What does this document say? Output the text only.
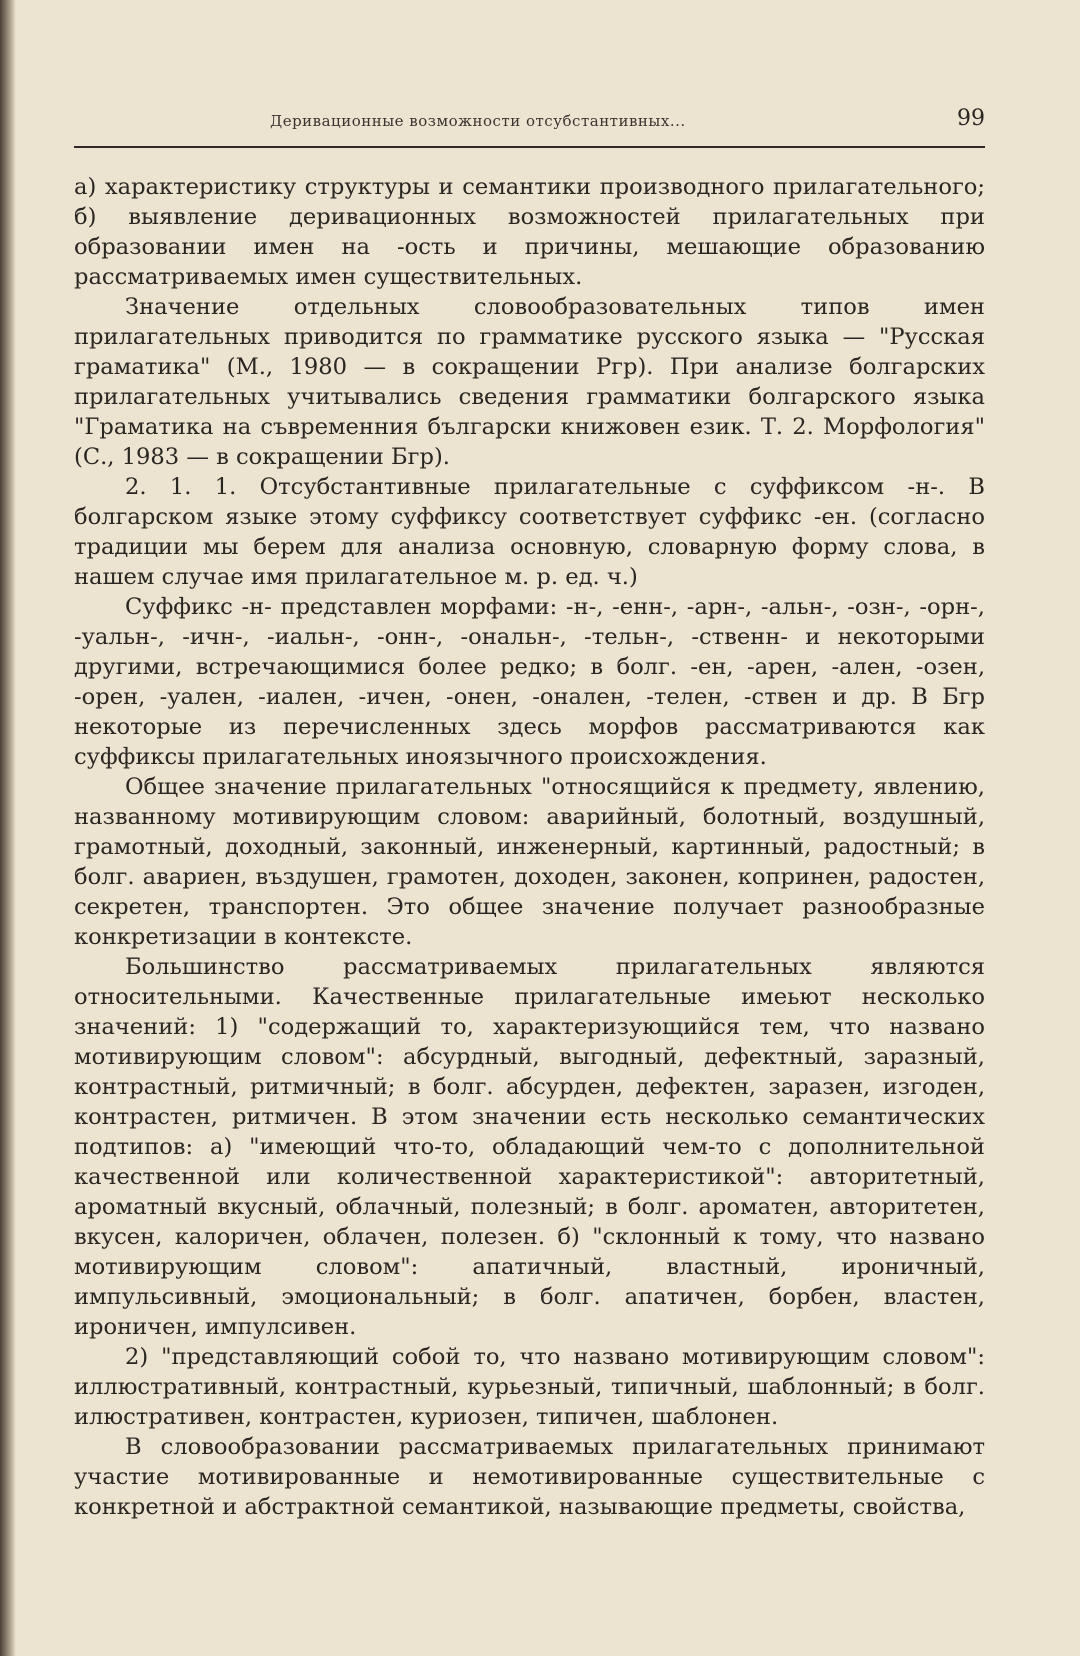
Деривационные возможности отсубстантивных...	99

а) характеристику структуры и семантики производного прилагательного; б) выявление деривационных возможностей прилагательных при образовании имен на -ость и причины, мешающие образованию рассматриваемых имен существительных.

Значение отдельных словообразовательных типов имен прилагательных приводится по грамматике русского языка — "Русская граматика" (М., 1980 — в сокращении Ргр). При анализе болгарских прилагательных учитывались сведения грамматики болгарского языка "Граматика на съвременния български книжовен език. Т. 2. Морфология" (С., 1983 — в сокращении Бгр).

2. 1. 1. Отсубстантивные прилагательные с суффиксом -н-. В болгарском языке этому суффиксу соответствует суффикс -ен. (согласно традиции мы берем для анализа основную, словарную форму слова, в нашем случае имя прилагательное м. р. ед. ч.)

Суффикс -н- представлен морфами: -н-, -енн-, -арн-, -альн-, -озн-, -орн-, -уальн-, -ичн-, -иальн-, -онн-, -ональн-, -тельн-, -ственн- и некоторыми другими, встречающимися более редко; в болг. -ен, -арен, -ален, -озен, -орен, -уален, -иален, -ичен, -онен, -онален, -телен, -ствен и др. В Бгр некоторые из перечисленных здесь морфов рассматриваются как суффиксы прилагательных иноязычного происхождения.

Общее значение прилагательных "относящийся к предмету, явлению, названному мотивирующим словом: аварийный, болотный, воздушный, грамотный, доходный, законный, инженерный, картинный, радостный; в болг. авариен, въздушен, грамотен, доходен, законен, копринен, радостен, секретен, транспортен. Это общее значение получает разнообразные конкретизации в контексте.

Большинство рассматриваемых прилагательных являются относительными. Качественные прилагательные имеьют несколько значений: 1) "содержащий то, характеризующийся тем, что названо мотивирующим словом": абсурдный, выгодный, дефектный, заразный, контрастный, ритмичный; в болг. абсурден, дефектен, заразен, изгоден, контрастен, ритмичен. В этом значении есть несколько семантических подтипов: а) "имеющий что-то, обладающий чем-то с дополнительной качественной или количественной характеристикой": авторитетный, ароматный вкусный, облачный, полезный; в болг. ароматен, авторитетен, вкусен, калоричен, облачен, полезен. б) "склонный к тому, что названо мотивирующим словом": апатичный, властный, ироничный, импульсивный, эмоциональный; в болг. апатичен, борбен, властен, ироничен, импулсивен.

2) "представляющий собой то, что названо мотивирующим словом": иллюстративный, контрастный, курьезный, типичный, шаблонный; в болг. илюстративен, контрастен, куриозен, типичен, шаблонен.

В словообразовании рассматриваемых прилагательных принимают участие мотивированные и немотивированные существительные с конкретной и абстрактной семантикой, называющие предметы, свойства,
